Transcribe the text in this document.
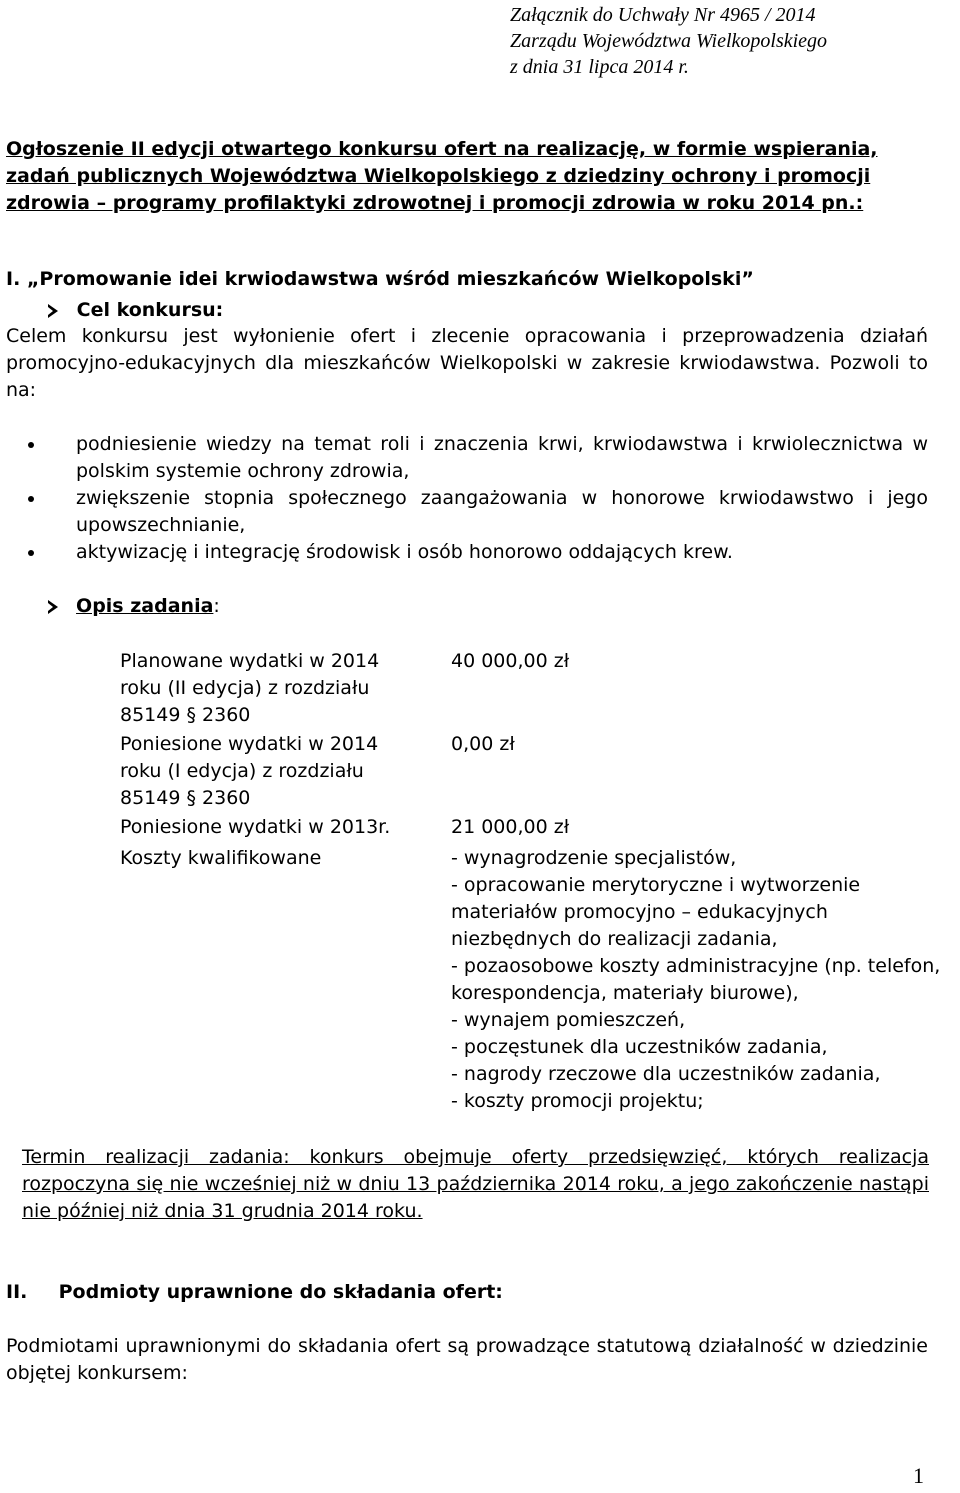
Załącznik do Uchwały Nr 4965 / 2014
Zarządu Województwa Wielkopolskiego
z dnia 31 lipca 2014 r.
Ogłoszenie II edycji otwartego konkursu ofert na realizację, w formie wspierania, zadań publicznych Województwa Wielkopolskiego z dziedziny ochrony i promocji zdrowia – programy profilaktyki zdrowotnej i promocji zdrowia w roku 2014 pn.:
I. „Promowanie idei krwiodawstwa wśród mieszkańców Wielkopolski”
Cel konkursu:
Celem konkursu jest wyłonienie ofert i zlecenie opracowania i przeprowadzenia działań promocyjno-edukacyjnych dla mieszkańców Wielkopolski w zakresie krwiodawstwa. Pozwoli to na:
podniesienie wiedzy na temat roli i znaczenia krwi, krwiodawstwa i krwiolecznictwa w polskim systemie ochrony zdrowia,
zwiększenie stopnia społecznego zaangażowania w honorowe krwiodawstwo i jego upowszechnianie,
aktywizację i integrację środowisk i osób honorowo oddających krew.
Opis zadania:
Planowane wydatki w 2014 roku (II edycja) z rozdziału 85149 § 2360
40 000,00 zł
Poniesione wydatki w 2014 roku (I edycja) z rozdziału 85149 § 2360
0,00 zł
Poniesione wydatki w 2013r.	21 000,00 zł
Koszty kwalifikowane	- wynagrodzenie specjalistów,
- opracowanie merytoryczne i wytworzenie materiałów promocyjno – edukacyjnych niezbędnych do realizacji zadania,
- pozaosobowe koszty administracyjne (np. telefon, korespondencja, materiały biurowe),
- wynajem pomieszczeń,
- poczęstunek dla uczestników zadania,
- nagrody rzeczowe dla uczestników zadania,
- koszty promocji projektu;
Termin realizacji zadania: konkurs obejmuje oferty przedsięwzięć, których realizacja rozpoczyna się nie wcześniej niż w dniu 13 października 2014 roku, a jego zakończenie nastąpi nie później niż dnia 31 grudnia 2014 roku.
II. Podmioty uprawnione do składania ofert:
Podmiotami uprawnionymi do składania ofert są prowadzące statutową działalność w dziedzinie objętej konkursem:
1
